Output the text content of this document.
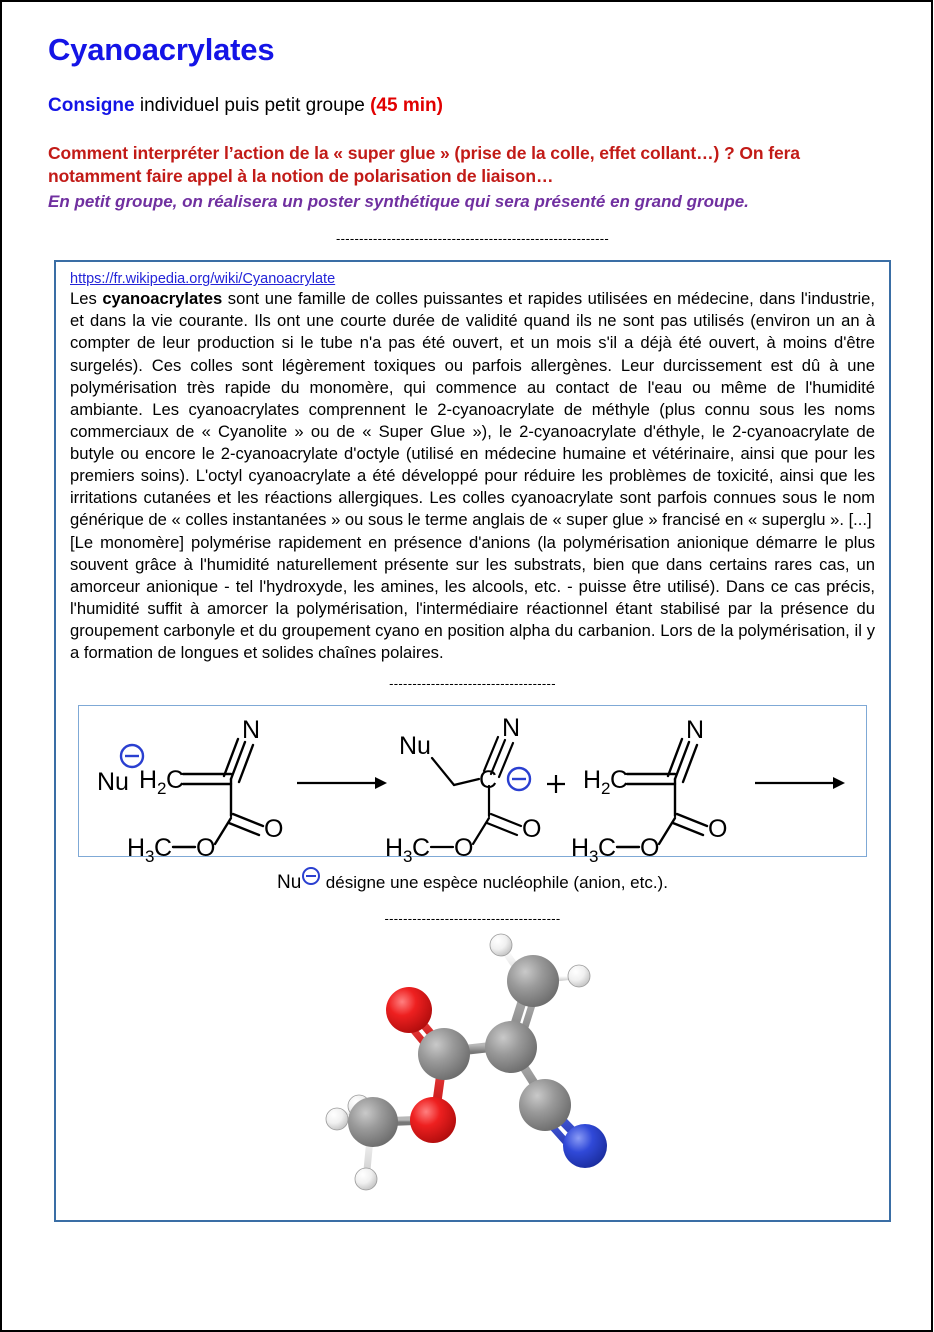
Cyanoacrylates
Consigne individuel puis petit groupe (45 min)
Comment interpréter l’action de la « super glue » (prise de la colle, effet collant…) ? On fera notamment faire appel à la notion de polarisation de liaison…
En petit groupe, on réalisera un poster synthétique qui sera présenté en grand groupe.
-----------------------------------------------------------
https://fr.wikipedia.org/wiki/Cyanoacrylate

Les cyanoacrylates sont une famille de colles puissantes et rapides utilisées en médecine, dans l'industrie, et dans la vie courante. Ils ont une courte durée de validité quand ils ne sont pas utilisés (environ un an à compter de leur production si le tube n'a pas été ouvert, et un mois s'il a déjà été ouvert, à moins d'être surgelés). Ces colles sont légèrement toxiques ou parfois allergènes. Leur durcissement est dû à une polymérisation très rapide du monomère, qui commence au contact de l'eau ou même de l'humidité ambiante. Les cyanoacrylates comprennent le 2-cyanoacrylate de méthyle (plus connu sous les noms commerciaux de « Cyanolite » ou de « Super Glue »), le 2-cyanoacrylate d'éthyle, le 2-cyanoacrylate de butyle ou encore le 2-cyanoacrylate d'octyle (utilisé en médecine humaine et vétérinaire, ainsi que pour les premiers soins). L'octyl cyanoacrylate a été développé pour réduire les problèmes de toxicité, ainsi que les irritations cutanées et les réactions allergiques. Les colles cyanoacrylate sont parfois connues sous le nom générique de « colles instantanées » ou sous le terme anglais de « super glue » francisé en « superglu ». [...]

[Le monomère] polymérise rapidement en présence d'anions (la polymérisation anionique démarre le plus souvent grâce à l'humidité naturellement présente sur les substrats, bien que dans certains rares cas, un amorceur anionique - tel l'hydroxyde, les amines, les alcools, etc. - puisse être utilisé). Dans ce cas précis, l'humidité suffit à amorcer la polymérisation, l'intermédiaire réactionnel étant stabilisé par la présence du groupement carbonyle et du groupement cyano en position alpha du carbanion. Lors de la polymérisation, il y a formation de longues et solides chaînes polaires.

------------------------------------
Nu H 2 C
N
O
H 3 C O
Nu
C
N
O
H 3 C O
H 2 C
N
O
H 3 C O
Nu désigne une espèce nucléophile (anion, etc.).
--------------------------------------
